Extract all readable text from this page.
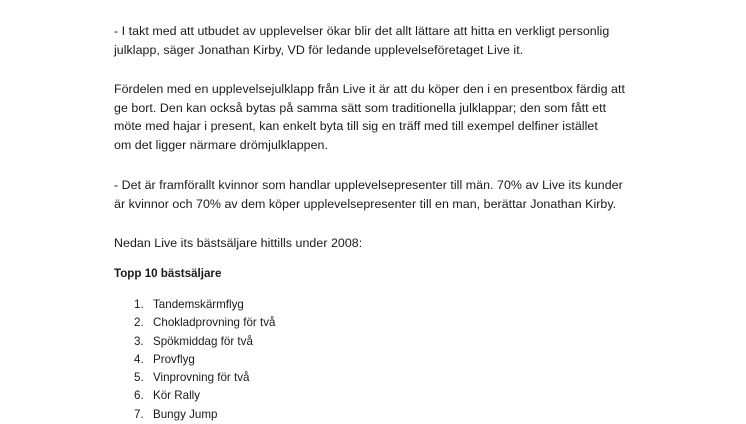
- I takt med att utbudet av upplevelser ökar blir det allt lättare att hitta en verkligt personlig
julklapp, säger Jonathan Kirby, VD för ledande upplevelseföretaget Live it.
Fördelen med en upplevelsejulklapp från Live it är att du köper den i en presentbox färdig att
ge bort. Den kan också bytas på samma sätt som traditionella julklappar; den som fått ett
möte med hajar i present, kan enkelt byta till sig en träff med till exempel delfiner istället
om det ligger närmare drömjulklappen.
- Det är framförallt kvinnor som handlar upplevelsepresenter till män. 70% av Live its kunder
är kvinnor och 70% av dem köper upplevelsepresenter till en man, berättar Jonathan Kirby.
Nedan Live its bästsäljare hittills under 2008:
Topp 10 bästsäljare
1. Tandemskärmflyg
2. Chokladprovning för två
3. Spökmiddag för två
4. Provflyg
5. Vinprovning för två
6. Kör Rally
7. Bungy Jump
